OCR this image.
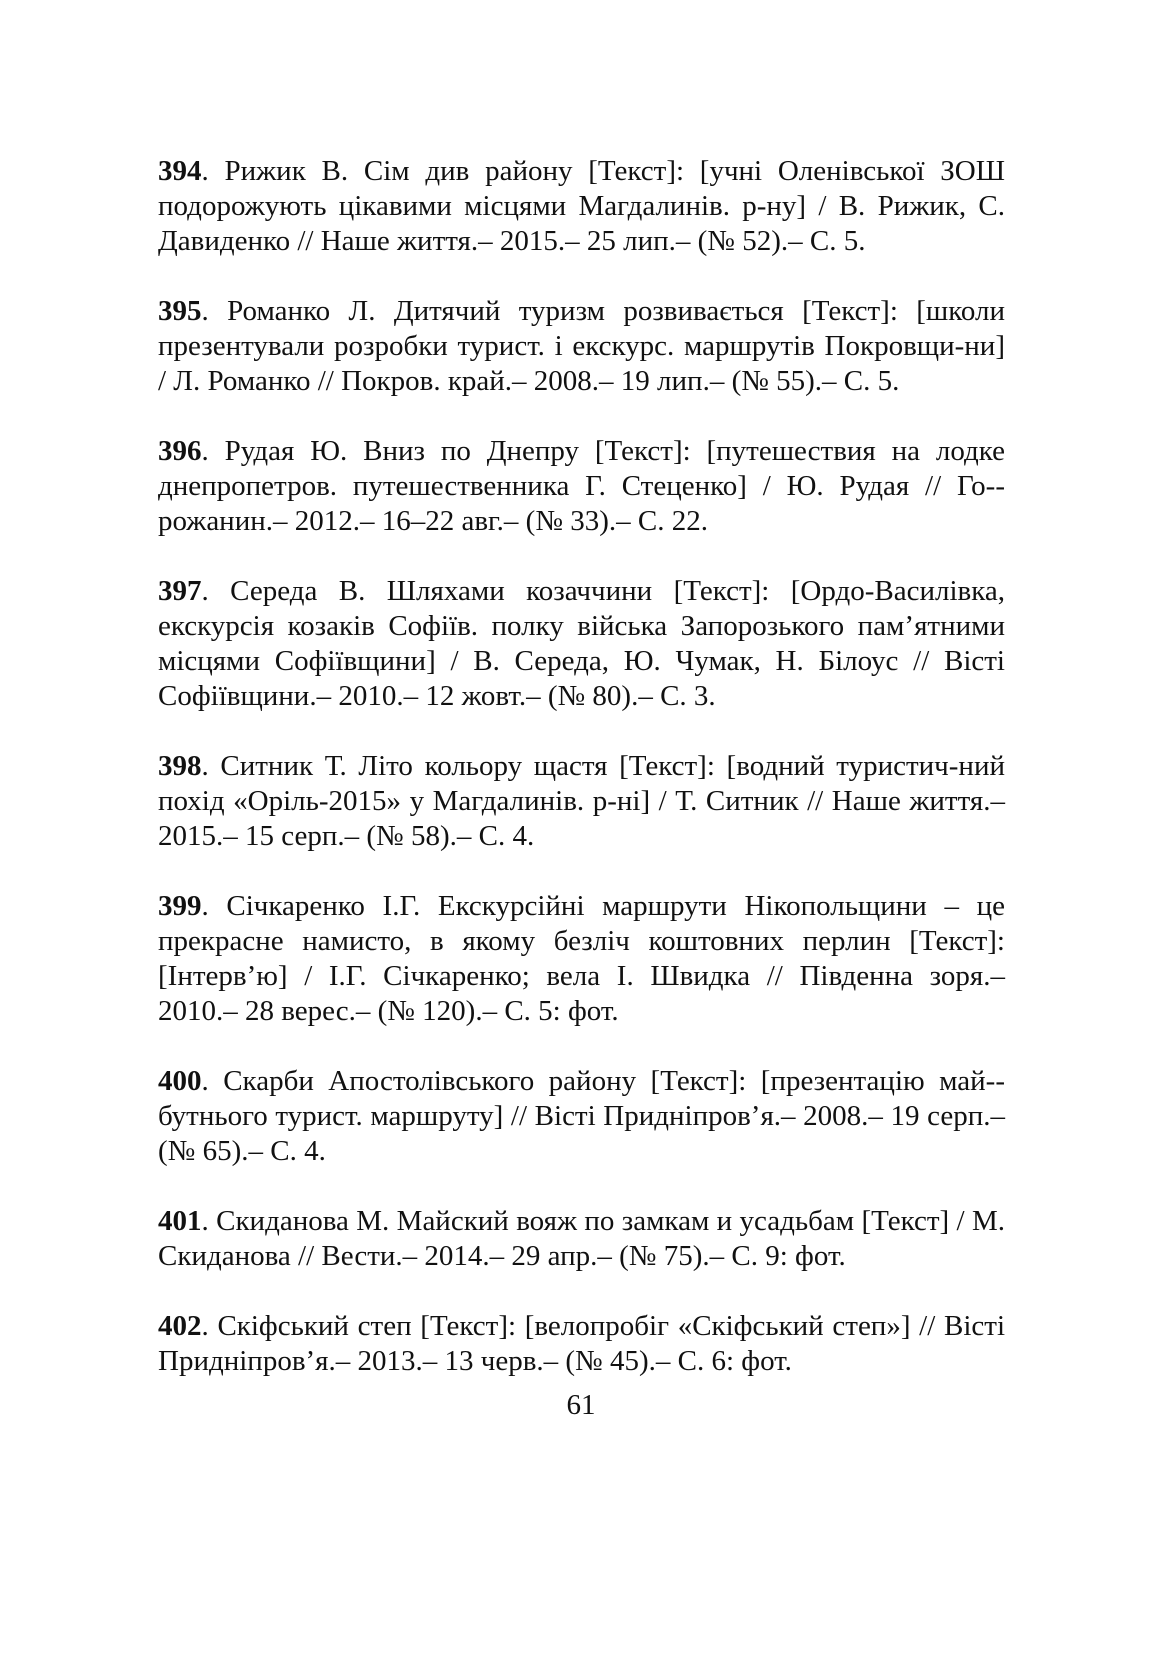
394. Рижик В. Сім див району [Текст]: [учні Оленівської ЗОШ подорожують цікавими місцями Магдалинів. р-ну] / В. Рижик, С. Давиденко // Наше життя.– 2015.– 25 лип.– (№ 52).– С. 5.

395. Романко Л. Дитячий туризм розвивається [Текст]: [школи презентували розробки турист. і екскурс. маршрутів Покровщи-ни] / Л. Романко // Покров. край.– 2008.– 19 лип.– (№ 55).– С. 5.

396. Рудая Ю. Вниз по Днепру [Текст]: [путешествия на лодке днепропетров. путешественника Г. Стеценко] / Ю. Рудая // Го-рожанин.– 2012.– 16–22 авг.– (№ 33).– С. 22.

397. Середа В. Шляхами козаччини [Текст]: [Ордо-Василівка, екскурсія козаків Софіїв. полку війська Запорозького пам’ятними місцями Софіївщини] / В. Середа, Ю. Чумак, Н. Білоус // Вісті Софіївщини.– 2010.– 12 жовт.– (№ 80).– С. 3.

398. Ситник Т. Літо кольору щастя [Текст]: [водний туристич-ний похід «Оріль-2015» у Магдалинів. р-ні] / Т. Ситник // Наше життя.– 2015.– 15 серп.– (№ 58).– С. 4.

399. Січкаренко І.Г. Екскурсійні маршрути Нікопольщини – це прекрасне намисто, в якому безліч коштовних перлин [Текст]: [Інтерв’ю] / І.Г. Січкаренко; вела І. Швидка // Південна зоря.– 2010.– 28 верес.– (№ 120).– С. 5: фот.

400. Скарби Апостолівського району [Текст]: [презентацію май-бутнього турист. маршруту] // Вісті Придніпров’я.– 2008.– 19 серп.– (№ 65).– С. 4.

401. Скиданова М. Майский вояж по замкам и усадьбам [Текст] / М. Скиданова // Вести.– 2014.– 29 апр.– (№ 75).– С. 9: фот.

402. Скіфський степ [Текст]: [велопробіг «Скіфський степ»] // Вісті Придніпров’я.– 2013.– 13 черв.– (№ 45).– С. 6: фот.

61
